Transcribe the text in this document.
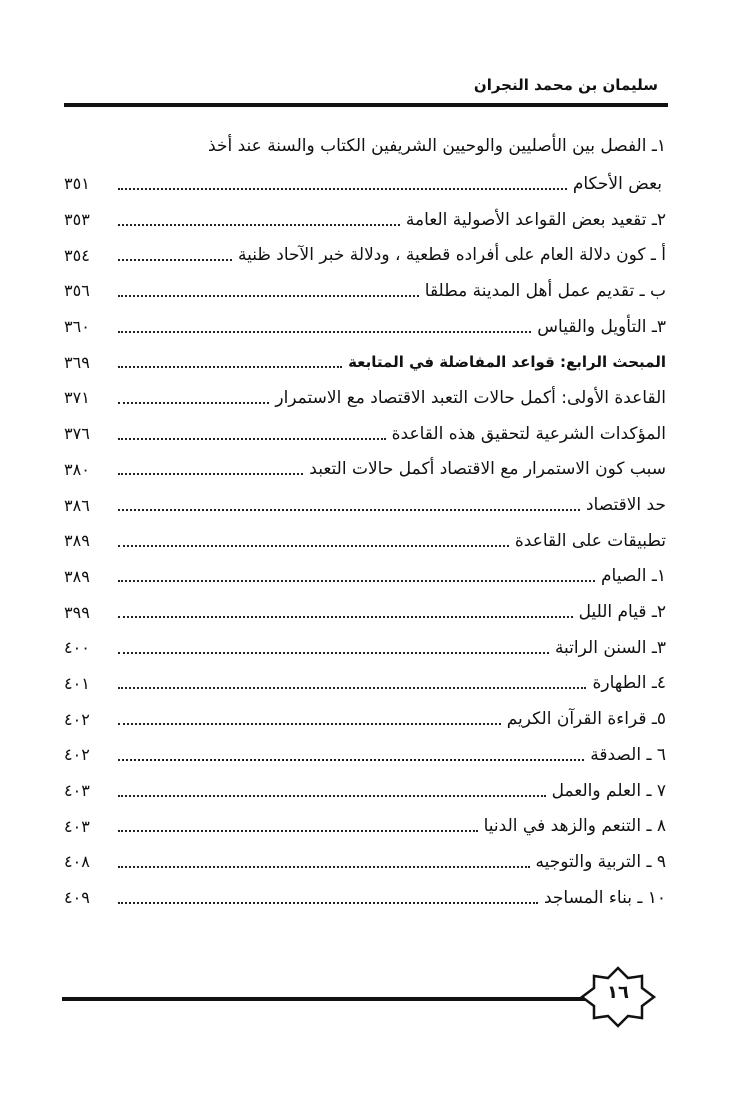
سليمان بن محمد النجران
١ـ الفصل بين الأصليين والوحيين الشريفين الكتاب والسنة عند أخذ
بعض الأحكام
٣٥١
٢ـ تقعيد بعض القواعد الأصولية العامة
٣٥٣
أ ـ كون دلالة العام على أفراده قطعية ، ودلالة خبر الآحاد ظنية
٣٥٤
ب ـ تقديم عمل أهل المدينة مطلقا
٣٥٦
٣ـ التأويل والقياس
٣٦٠
المبحث الرابع: قواعد المفاضلة في المتابعة
٣٦٩
القاعدة الأولى: أكمل حالات التعبد الاقتصاد مع الاستمرار
٣٧١
المؤكدات الشرعية لتحقيق هذه القاعدة
٣٧٦
سبب كون الاستمرار مع الاقتصاد أكمل حالات التعبد
٣٨٠
حد الاقتصاد
٣٨٦
تطبيقات على القاعدة
٣٨٩
١ـ الصيام
٣٨٩
٢ـ قيام الليل
٣٩٩
٣ـ السنن الراتبة
٤٠٠
٤ـ الطهارة
٤٠١
٥ـ قراءة القرآن الكريم
٤٠٢
٦ ـ الصدقة
٤٠٢
٧ ـ العلم والعمل
٤٠٣
٨ ـ التنعم والزهد في الدنيا
٤٠٣
٩ ـ التربية والتوجيه
٤٠٨
١٠ ـ بناء المساجد
٤٠٩
١٦
